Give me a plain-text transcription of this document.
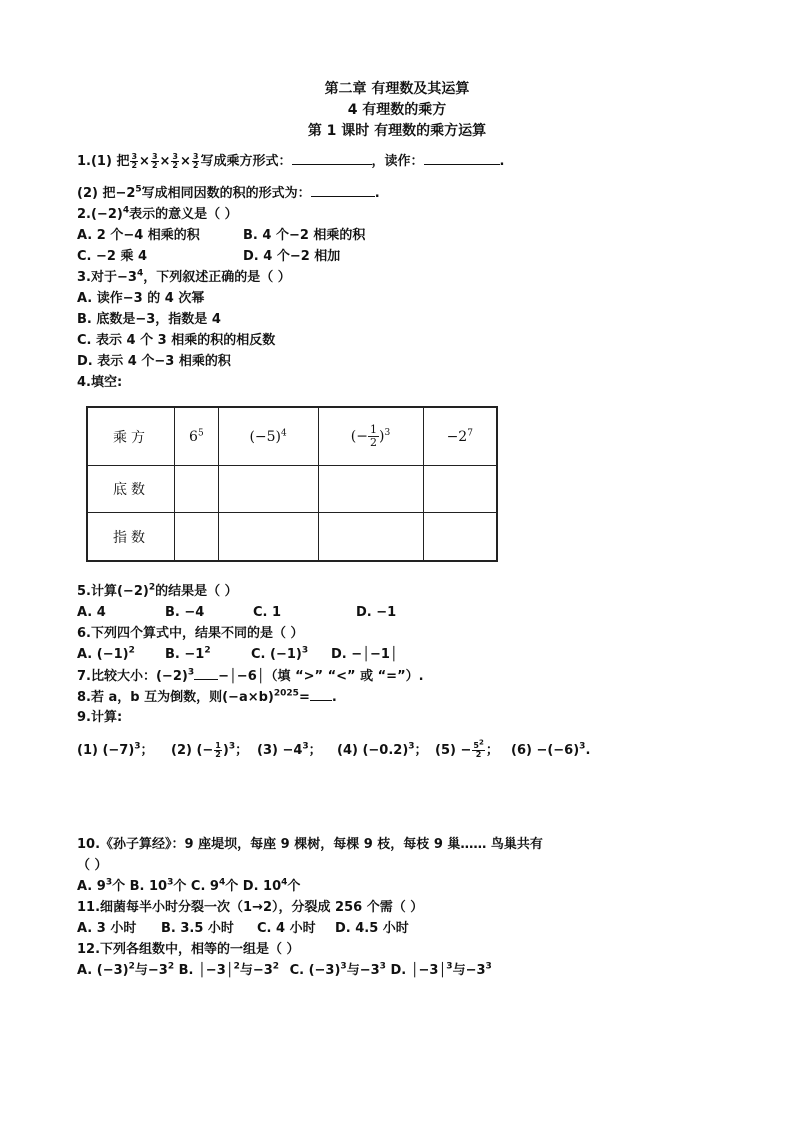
第二章 有理数及其运算
4 有理数的乘方
第 1 课时 有理数的乘方运算
1.(1) 把 $\frac{3}{2} \times \frac{3}{2} \times \frac{3}{2} \times \frac{3}{2}$ 写成乘方形式：	，读作：	.
(2) 把$-2^5$写成相同因数的积的形式为：	.
$2.(-2)^4$表示的意义是（ ）
A. 2 个−4 相乘的积	B. 4 个−2 相乘的积
C. −2 乘 4	D. 4 个−2 相加
3.对于$-3^4$，下列叙述正确的是（ ）
A. 读作−3 的 4 次幂
B. 底数是−3，指数是 4
C. 表示 4 个 3 相乘的积的相反数
D. 表示 4 个−3 相乘的积
4.填空:
乘方	$6^5$	$(-5)^4$	(− $\frac{1}{2} )^3$	$-2^7$
底数				
指数				
5.计算$(-2)^2$的结果是（ ）
A. 4	B. −4	C. 1	D. −1
6.下列四个算式中，结果不同的是（ ）
A. $(-1)^2$ B. $-1^2$	C. $(-1)^3$ D. −│−1│
7.比较大小：$(-2)^3$ −│−6│（填 “>” “<” 或 “=”）.
8.若 a，b 互为倒数，则$(-a\times b)^{2025}=$ .
9.计算:
(1) $(-7)^3$； (2) (− $\frac{1}{2} )^3$； $(3) -4^3$； (4) $(-0.2)^3$； $(5) - \frac{5^2}{2}$ ； $(6) -(-6)^3$.
10.《孙子算经》：9 座堤坝，每座 9 棵树，每棵 9 枝，每枝 9 巢…… 鸟巢共有
（ ）
A. $9^3$个 B. $10^3$个 C. $9^4$个 D. $10^4$个
11.细菌每半小时分裂一次（1→2），分裂成 256 个需（ ）
A. 3 小时 B. 3.5 小时 C. 4 小时 D. 4.5 小时
12.下列各组数中，相等的一组是（ ）
A. $(-3)^2$与$-3^2$ B. │−3│$^2$与$-3^2$ C. $(-3)^3$与$-3^3$ D. │−3│$^3$与$-3^3$
